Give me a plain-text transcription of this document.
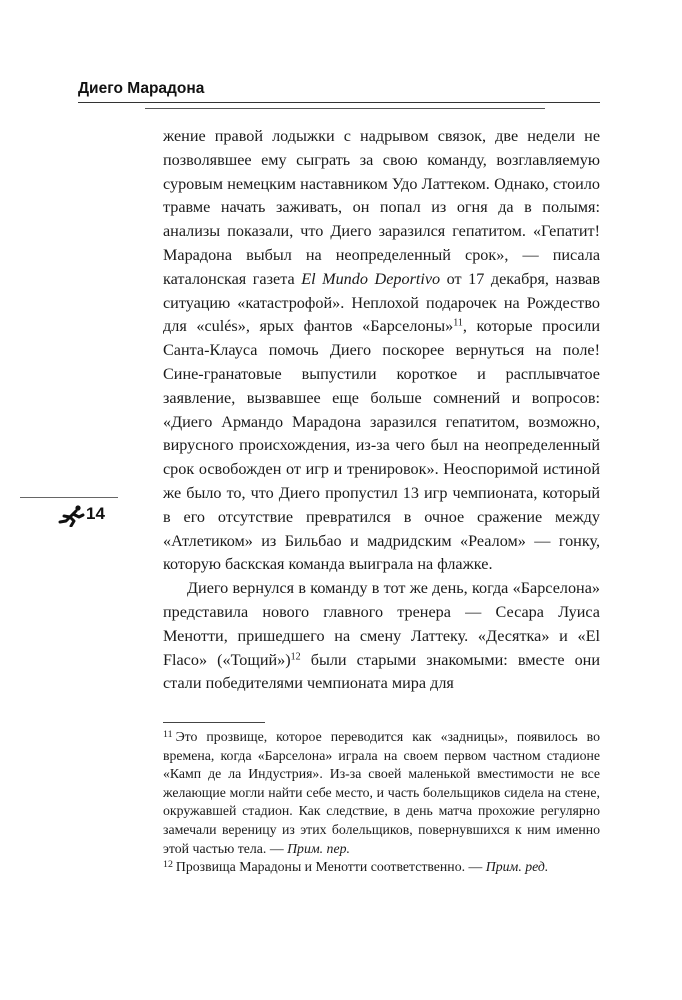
Диего Марадона

жение правой лодыжки с надрывом связок, две недели не позволявшее ему сыграть за свою команду, возглавляемую суровым немецким наставником Удо Латтеком. Однако, стоило травме начать заживать, он попал из огня да в полымя: анализы показали, что Диего заразился гепатитом. «Гепатит! Марадона выбыл на неопределенный срок», — писала каталонская газета El Mundo Deportivo от 17 декабря, назвав ситуацию «катастрофой». Неплохой подарочек на Рождество для «culés», ярых фантов «Барселоны»$^{11}$, которые просили Санта-Клауса помочь Диего поскорее вернуться на поле! Сине-гранатовые выпустили короткое и расплывчатое заявление, вызвавшее еще больше сомнений и вопросов: «Диего Армандо Марадона заразился гепатитом, возможно, вирусного происхождения, из-за чего был на неопределенный срок освобожден от игр и тренировок». Неоспоримой истиной же было то, что Диего пропустил 13 игр чемпионата, который в его отсутствие превратился в очное сражение между «Атлетиком» из Бильбао и мадридским «Реалом» — гонку, которую баскская команда выиграла на флажке.

Диего вернулся в команду в тот же день, когда «Барселона» представила нового главного тренера — Сесара Луиса Менотти, пришедшего на смену Латтеку. «Десятка» и «El Flaco» («Тощий»)$^{12}$ были старыми знакомыми: вместе они стали победителями чемпионата мира для

14

$^{11}$ Это прозвище, которое переводится как «задницы», появилось во времена, когда «Барселона» играла на своем первом частном стадионе «Камп де ла Индустрия». Из-за своей маленькой вместимости не все желающие могли найти себе место, и часть болельщиков сидела на стене, окружавшей стадион. Как следствие, в день матча прохожие регулярно замечали вереницу из этих болельщиков, повернувшихся к ним именно этой частью тела. — Прим. пер.

$^{12}$ Прозвища Марадоны и Менотти соответственно. — Прим. ред.
